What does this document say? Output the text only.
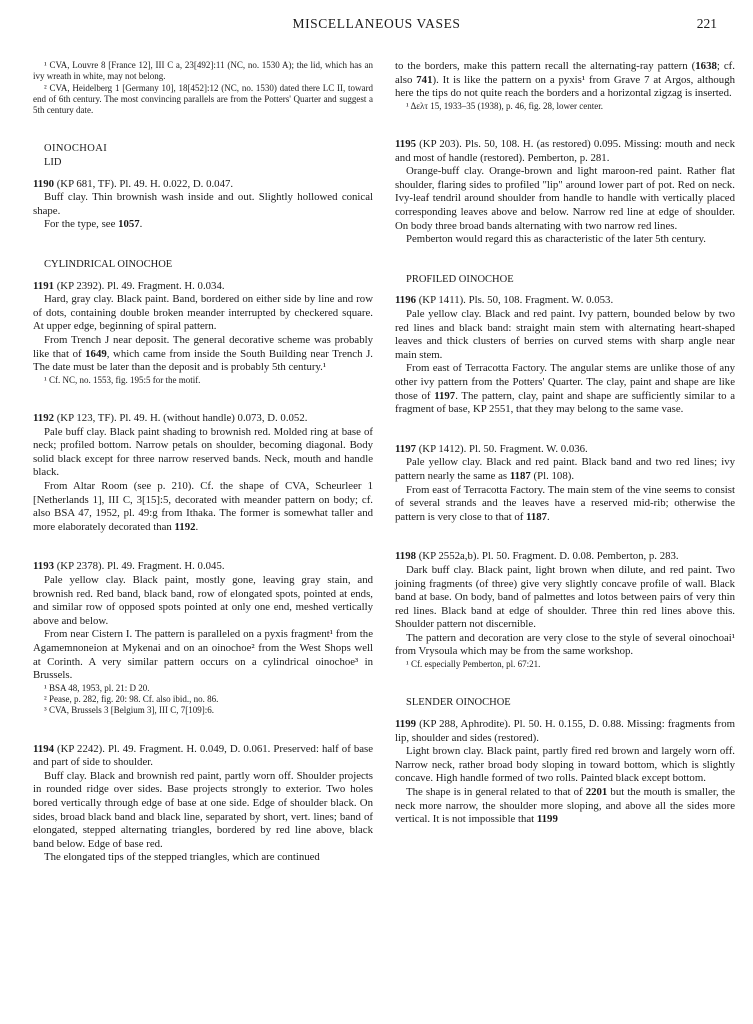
MISCELLANEOUS VASES	221

¹ CVA, Louvre 8 [France 12], III C a, 23[492]:11 (NC, no. 1530 A); the lid, which has an ivy wreath in white, may not belong.

² CVA, Heidelberg 1 [Germany 10], 18[452]:12 (NC, no. 1530) dated there LC II, toward end of 6th century. The most convincing parallels are from the Potters' Quarter and suggest a 5th century date.

OINOCHOAI

LID

1190 (KP 681, TF). Pl. 49. H. 0.022, D. 0.047.

Buff clay. Thin brownish wash inside and out. Slightly hollowed conical shape.

For the type, see 1057.

CYLINDRICAL OINOCHOE

1191 (KP 2392). Pl. 49. Fragment. H. 0.034.

Hard, gray clay. Black paint. Band, bordered on either side by line and row of dots, containing double broken meander interrupted by checkered square. At upper edge, beginning of spiral pattern.

From Trench J near deposit. The general decorative scheme was probably like that of 1649, which came from inside the South Building near Trench J. The date must be later than the deposit and is probably 5th century.¹

¹ Cf. NC, no. 1553, fig. 195:5 for the motif.

1192 (KP 123, TF). Pl. 49. H. (without handle) 0.073, D. 0.052.

Pale buff clay. Black paint shading to brownish red. Molded ring at base of neck; profiled bottom. Narrow petals on shoulder, becoming diagonal. Body solid black except for three narrow reserved bands. Neck, mouth and handle black.

From Altar Room (see p. 210). Cf. the shape of CVA, Scheurleer 1 [Netherlands 1], III C, 3[15]:5, decorated with meander pattern on body; cf. also BSA 47, 1952, pl. 49:g from Ithaka. The former is somewhat taller and more elaborately decorated than 1192.

1193 (KP 2378). Pl. 49. Fragment. H. 0.045.

Pale yellow clay. Black paint, mostly gone, leaving gray stain, and brownish red. Red band, black band, row of elongated spots, pointed at ends, and similar row of opposed spots pointed at only one end, meshed vertically above and below.

From near Cistern I. The pattern is paralleled on a pyxis fragment¹ from the Agamemnoneion at Mykenai and on an oinochoe² from the West Shops well at Corinth. A very similar pattern occurs on a cylindrical oinochoe³ in Brussels.

¹ BSA 48, 1953, pl. 21: D 20.

² Pease, p. 282, fig. 20: 98. Cf. also ibid., no. 86.

³ CVA, Brussels 3 [Belgium 3], III C, 7[109]:6.

1194 (KP 2242). Pl. 49. Fragment. H. 0.049, D. 0.061. Preserved: half of base and part of side to shoulder.

Buff clay. Black and brownish red paint, partly worn off. Shoulder projects in rounded ridge over sides. Base projects strongly to exterior. Two holes bored vertically through edge of base at one side. Edge of shoulder black. On sides, broad black band and black line, separated by short, vert. lines; band of elongated, stepped alternating triangles, bordered by red line above, black band below. Edge of base red.

The elongated tips of the stepped triangles, which are continued

to the borders, make this pattern recall the alternating-ray pattern (1638; cf. also 741). It is like the pattern on a pyxis¹ from Grave 7 at Argos, although here the tips do not quite reach the borders and a horizontal zigzag is inserted.

¹ Δελτ 15, 1933–35 (1938), p. 46, fig. 28, lower center.

1195 (KP 203). Pls. 50, 108. H. (as restored) 0.095. Missing: mouth and neck and most of handle (restored). Pemberton, p. 281.

Orange-buff clay. Orange-brown and light maroon-red paint. Rather flat shoulder, flaring sides to profiled "lip" around lower part of pot. Red on neck. Ivy-leaf tendril around shoulder from handle to handle with vertically placed corresponding leaves above and below. Narrow red line at edge of shoulder. On body three broad bands alternating with two narrow red lines.

Pemberton would regard this as characteristic of the later 5th century.

PROFILED OINOCHOE

1196 (KP 1411). Pls. 50, 108. Fragment. W. 0.053.

Pale yellow clay. Black and red paint. Ivy pattern, bounded below by two red lines and black band: straight main stem with alternating heart-shaped leaves and thick clusters of berries on curved stems with sharp angle near main stem.

From east of Terracotta Factory. The angular stems are unlike those of any other ivy pattern from the Potters' Quarter. The clay, paint and shape are like those of 1197. The pattern, clay, paint and shape are sufficiently similar to a fragment of base, KP 2551, that they may belong to the same vase.

1197 (KP 1412). Pl. 50. Fragment. W. 0.036.

Pale yellow clay. Black and red paint. Black band and two red lines; ivy pattern nearly the same as 1187 (Pl. 108).

From east of Terracotta Factory. The main stem of the vine seems to consist of several strands and the leaves have a reserved mid-rib; otherwise the pattern is very close to that of 1187.

1198 (KP 2552a,b). Pl. 50. Fragment. D. 0.08. Pemberton, p. 283.

Dark buff clay. Black paint, light brown when dilute, and red paint. Two joining fragments (of three) give very slightly concave profile of wall. Black band at base. On body, band of palmettes and lotos between pairs of very thin red lines. Black band at edge of shoulder. Three thin red lines above this. Shoulder pattern not discernible.

The pattern and decoration are very close to the style of several oinochoai¹ from Vrysoula which may be from the same workshop.

¹ Cf. especially Pemberton, pl. 67:21.

SLENDER OINOCHOE

1199 (KP 288, Aphrodite). Pl. 50. H. 0.155, D. 0.88. Missing: fragments from lip, shoulder and sides (restored).

Light brown clay. Black paint, partly fired red brown and largely worn off. Narrow neck, rather broad body sloping in toward bottom, which is slightly concave. High handle formed of two rolls. Painted black except bottom.

The shape is in general related to that of 2201 but the mouth is smaller, the neck more narrow, the shoulder more sloping, and above all the sides more vertical. It is not impossible that 1199
